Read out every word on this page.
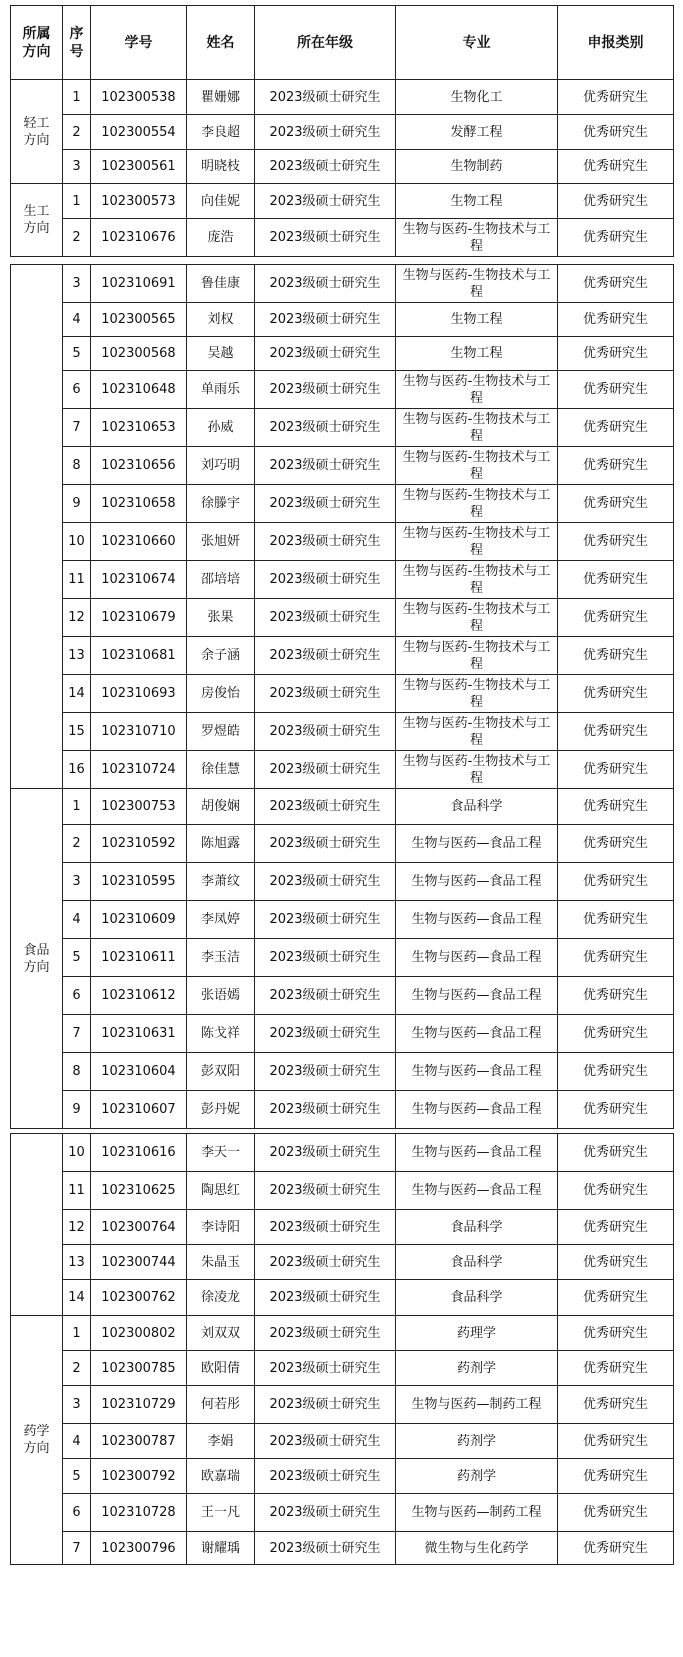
所属方向	序号	学号	姓名	所在年级	专业	申报类别
轻工方向	1	102300538	瞿姗娜	2023级硕士研究生	生物化工	优秀研究生
	2	102300554	李良超	2023级硕士研究生	发酵工程	优秀研究生
	3	102300561	明晓枝	2023级硕士研究生	生物制药	优秀研究生
生工方向	1	102300573	向佳妮	2023级硕士研究生	生物工程	优秀研究生
	2	102310676	庞浩	2023级硕士研究生	生物与医药-生物技术与工程	优秀研究生
	3	102310691	鲁佳康	2023级硕士研究生	生物与医药-生物技术与工程	优秀研究生
	4	102300565	刘权	2023级硕士研究生	生物工程	优秀研究生
	5	102300568	吴越	2023级硕士研究生	生物工程	优秀研究生
	6	102310648	单雨乐	2023级硕士研究生	生物与医药-生物技术与工程	优秀研究生
	7	102310653	孙威	2023级硕士研究生	生物与医药-生物技术与工程	优秀研究生
	8	102310656	刘巧明	2023级硕士研究生	生物与医药-生物技术与工程	优秀研究生
	9	102310658	徐滕宇	2023级硕士研究生	生物与医药-生物技术与工程	优秀研究生
	10	102310660	张旭妍	2023级硕士研究生	生物与医药-生物技术与工程	优秀研究生
	11	102310674	邵培培	2023级硕士研究生	生物与医药-生物技术与工程	优秀研究生
	12	102310679	张果	2023级硕士研究生	生物与医药-生物技术与工程	优秀研究生
	13	102310681	余子涵	2023级硕士研究生	生物与医药-生物技术与工程	优秀研究生
	14	102310693	房俊怡	2023级硕士研究生	生物与医药-生物技术与工程	优秀研究生
	15	102310710	罗煜皓	2023级硕士研究生	生物与医药-生物技术与工程	优秀研究生
	16	102310724	徐佳慧	2023级硕士研究生	生物与医药-生物技术与工程	优秀研究生
食品方向	1	102300753	胡俊娴	2023级硕士研究生	食品科学	优秀研究生
	2	102310592	陈旭露	2023级硕士研究生	生物与医药—食品工程	优秀研究生
	3	102310595	李萧纹	2023级硕士研究生	生物与医药—食品工程	优秀研究生
	4	102310609	李凤婷	2023级硕士研究生	生物与医药—食品工程	优秀研究生
	5	102310611	李玉洁	2023级硕士研究生	生物与医药—食品工程	优秀研究生
	6	102310612	张语嫣	2023级硕士研究生	生物与医药—食品工程	优秀研究生
	7	102310631	陈戈祥	2023级硕士研究生	生物与医药—食品工程	优秀研究生
	8	102310604	彭双阳	2023级硕士研究生	生物与医药—食品工程	优秀研究生
	9	102310607	彭丹妮	2023级硕士研究生	生物与医药—食品工程	优秀研究生
	10	102310616	李天一	2023级硕士研究生	生物与医药—食品工程	优秀研究生
	11	102310625	陶思红	2023级硕士研究生	生物与医药—食品工程	优秀研究生
	12	102300764	李诗阳	2023级硕士研究生	食品科学	优秀研究生
	13	102300744	朱晶玉	2023级硕士研究生	食品科学	优秀研究生
	14	102300762	徐凌龙	2023级硕士研究生	食品科学	优秀研究生
药学方向	1	102300802	刘双双	2023级硕士研究生	药理学	优秀研究生
	2	102300785	欧阳倩	2023级硕士研究生	药剂学	优秀研究生
	3	102310729	何若彤	2023级硕士研究生	生物与医药—制药工程	优秀研究生
	4	102300787	李娟	2023级硕士研究生	药剂学	优秀研究生
	5	102300792	欧嘉瑞	2023级硕士研究生	药剂学	优秀研究生
	6	102310728	王一凡	2023级硕士研究生	生物与医药—制药工程	优秀研究生
	7	102300796	谢耀瑀	2023级硕士研究生	微生物与生化药学	优秀研究生
